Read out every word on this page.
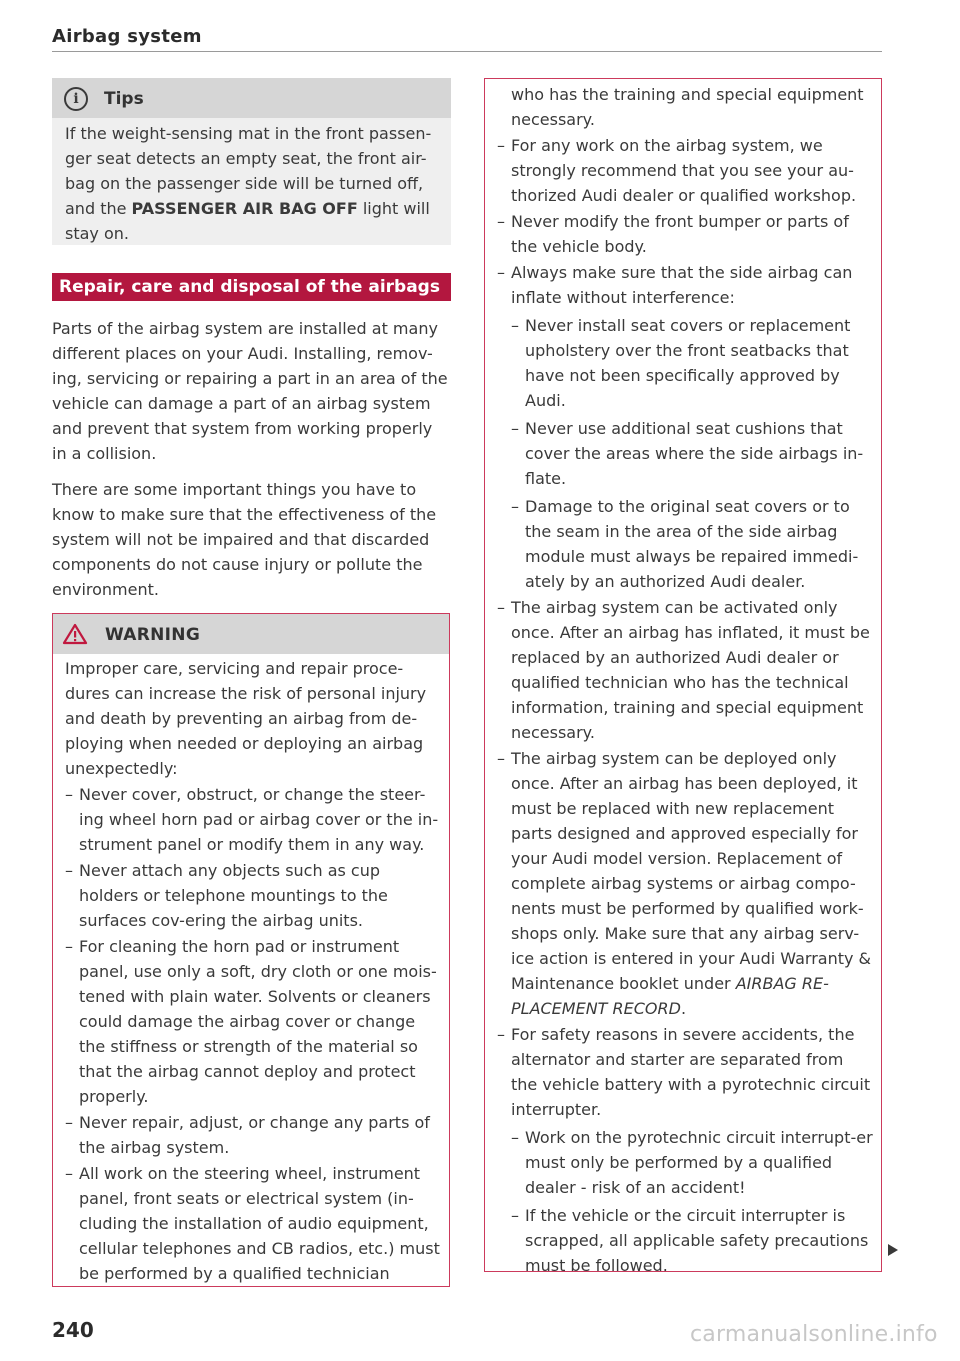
Airbag system
i	Tips
If the weight-sensing mat in the front passen-ger seat detects an empty seat, the front air-bag on the passenger side will be turned off, and the PASSENGER AIR BAG OFF light will stay on.
Repair, care and disposal of the airbags
Parts of the airbag system are installed at many different places on your Audi. Installing, remov-ing, servicing or repairing a part in an area of the vehicle can damage a part of an airbag system and prevent that system from working properly in a collision.
There are some important things you have to know to make sure that the effectiveness of the system will not be impaired and that discarded components do not cause injury or pollute the environment.
WARNING
Improper care, servicing and repair proce-dures can increase the risk of personal injury and death by preventing an airbag from de-ploying when needed or deploying an airbag unexpectedly:
– Never cover, obstruct, or change the steer-ing wheel horn pad or airbag cover or the in-strument panel or modify them in any way.
– Never attach any objects such as cup holders or telephone mountings to the surfaces cov-ering the airbag units.
– For cleaning the horn pad or instrument panel, use only a soft, dry cloth or one mois-tened with plain water. Solvents or cleaners could damage the airbag cover or change the stiffness or strength of the material so that the airbag cannot deploy and protect properly.
– Never repair, adjust, or change any parts of the airbag system.
– All work on the steering wheel, instrument panel, front seats or electrical system (in-cluding the installation of audio equipment, cellular telephones and CB radios, etc.) must be performed by a qualified technician
who has the training and special equipment necessary.
– For any work on the airbag system, we strongly recommend that you see your au-thorized Audi dealer or qualified workshop.
– Never modify the front bumper or parts of the vehicle body.
– Always make sure that the side airbag can inflate without interference:
– Never install seat covers or replacement upholstery over the front seatbacks that have not been specifically approved by Audi.
– Never use additional seat cushions that cover the areas where the side airbags in-flate.
– Damage to the original seat covers or to the seam in the area of the side airbag module must always be repaired immedi-ately by an authorized Audi dealer.
– The airbag system can be activated only once. After an airbag has inflated, it must be replaced by an authorized Audi dealer or qualified technician who has the technical information, training and special equipment necessary.
– The airbag system can be deployed only once. After an airbag has been deployed, it must be replaced with new replacement parts designed and approved especially for your Audi model version. Replacement of complete airbag systems or airbag compo-nents must be performed by qualified work-shops only. Make sure that any airbag serv-ice action is entered in your Audi Warranty & Maintenance booklet under AIRBAG RE-PLACEMENT RECORD.
– For safety reasons in severe accidents, the alternator and starter are separated from the vehicle battery with a pyrotechnic circuit interrupter.
– Work on the pyrotechnic circuit interrupt-er must only be performed by a qualified dealer - risk of an accident!
– If the vehicle or the circuit interrupter is scrapped, all applicable safety precautions must be followed.
240	carmanualsonline.info
